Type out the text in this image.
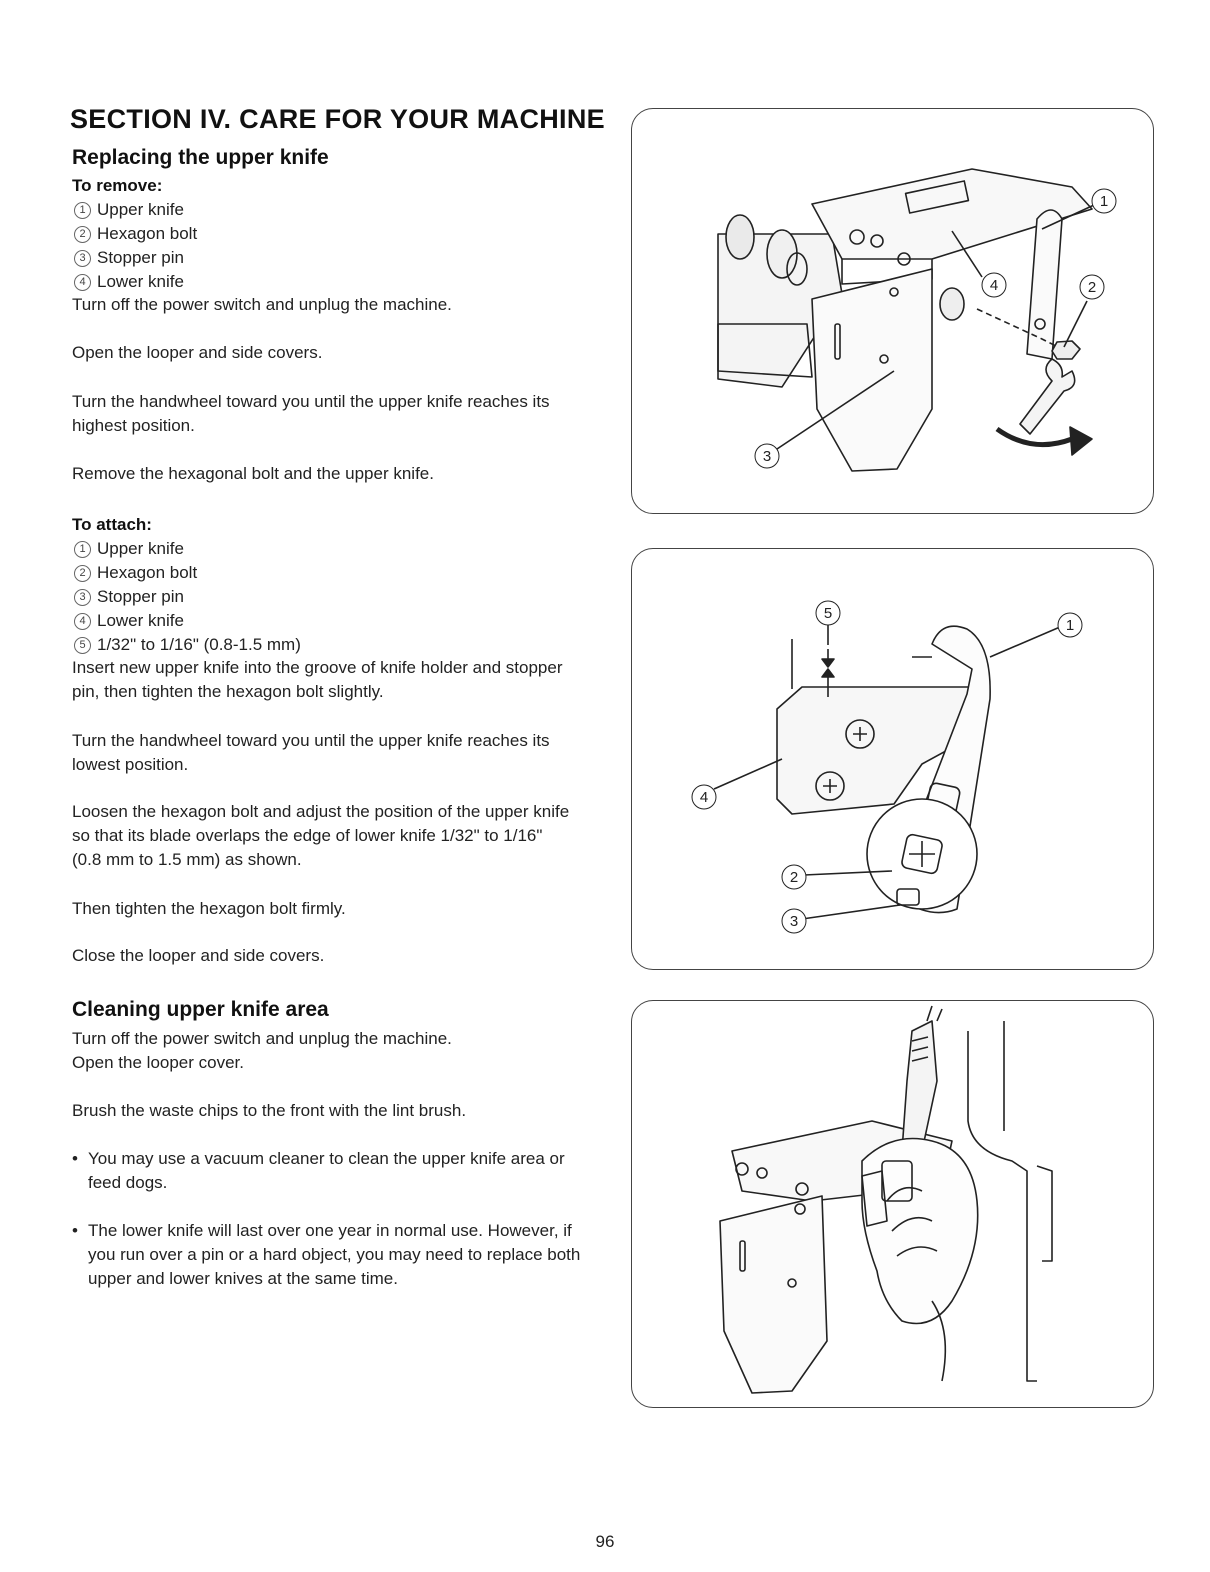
SECTION IV. CARE FOR YOUR MACHINE
Replacing the upper knife
To remove:
1 Upper knife
2 Hexagon bolt
3 Stopper pin
4 Lower knife
Turn off the power switch and unplug the machine.
Open the looper and side covers.
Turn the handwheel toward you until the upper knife reaches its highest position.
Remove the hexagonal bolt and the upper knife.
To attach:
1 Upper knife
2 Hexagon bolt
3 Stopper pin
4 Lower knife
5 1/32" to 1/16" (0.8-1.5 mm)
Insert new upper knife into the groove of knife holder and stopper pin, then tighten the hexagon bolt slightly.
Turn the handwheel toward you until the upper knife reaches its lowest position.
Loosen the hexagon bolt and adjust the position of the upper knife so that its blade overlaps the edge of lower knife 1/32" to 1/16" (0.8 mm to 1.5 mm) as shown.
Then tighten the hexagon bolt firmly.
Close the looper and side covers.
Cleaning upper knife area
Turn off the power switch and unplug the machine.
Open the looper cover.
Brush the waste chips to the front with the lint brush.
• You may use a vacuum cleaner to clean the upper knife area or feed dogs.
• The lower knife will last over one year in normal use. However, if you run over a pin or a hard object, you may need to replace both upper and lower knives at the same time.
1
2
3
4
5
1
4
2
3
96
